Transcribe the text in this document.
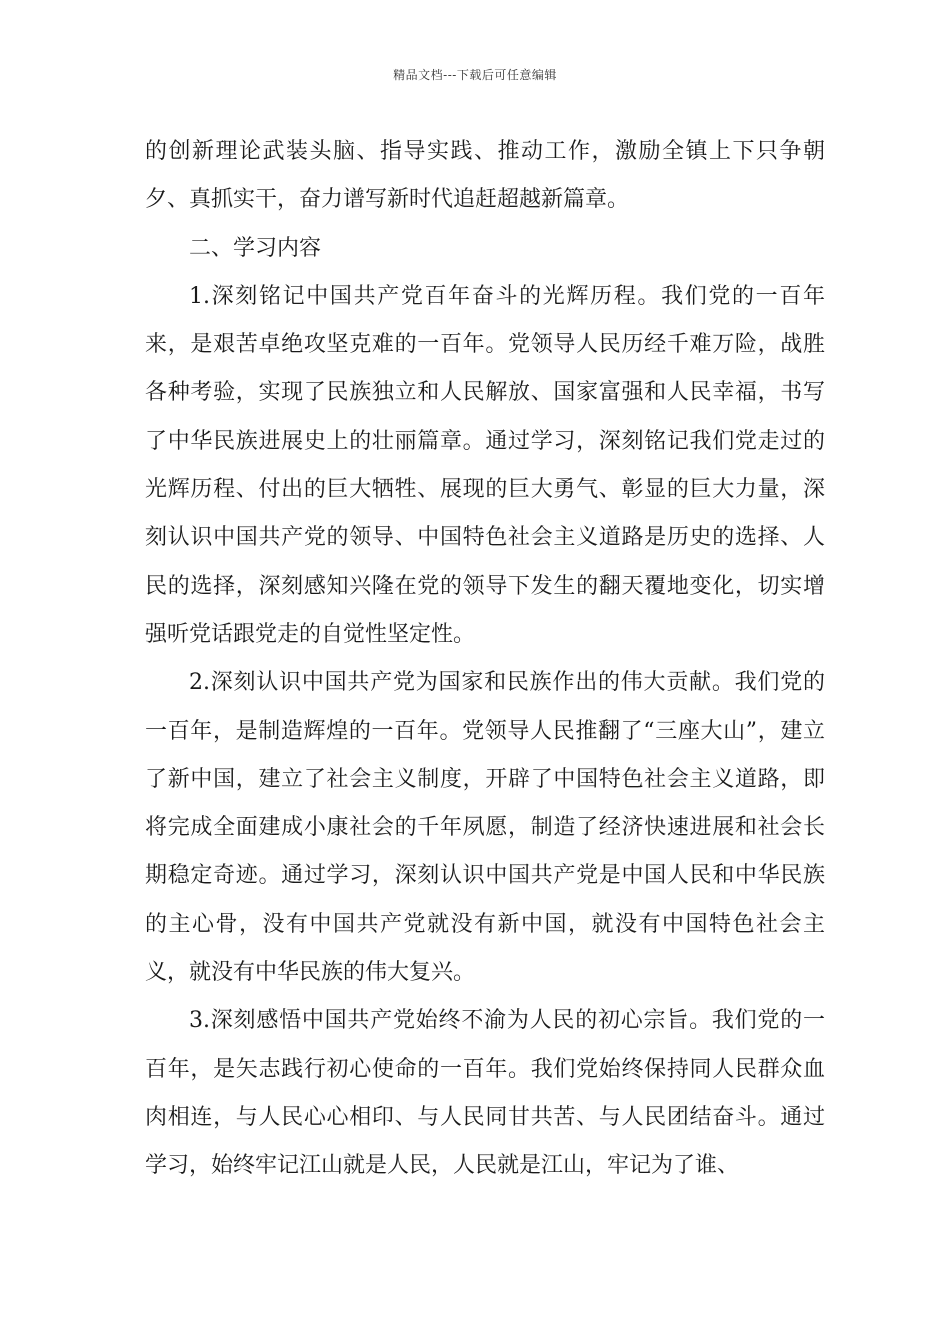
精品文档---下载后可任意编辑

的创新理论武装头脑、指导实践、推动工作，激励全镇上下只争朝夕、真抓实干，奋力谱写新时代追赶超越新篇章。

二、学习内容

1.深刻铭记中国共产党百年奋斗的光辉历程。我们党的一百年来，是艰苦卓绝攻坚克难的一百年。党领导人民历经千难万险，战胜各种考验，实现了民族独立和人民解放、国家富强和人民幸福，书写了中华民族进展史上的壮丽篇章。通过学习，深刻铭记我们党走过的光辉历程、付出的巨大牺牲、展现的巨大勇气、彰显的巨大力量，深刻认识中国共产党的领导、中国特色社会主义道路是历史的选择、人民的选择，深刻感知兴隆在党的领导下发生的翻天覆地变化，切实增强听党话跟党走的自觉性坚定性。

2.深刻认识中国共产党为国家和民族作出的伟大贡献。我们党的一百年，是制造辉煌的一百年。党领导人民推翻了“三座大山”，建立了新中国，建立了社会主义制度，开辟了中国特色社会主义道路，即将完成全面建成小康社会的千年夙愿，制造了经济快速进展和社会长期稳定奇迹。通过学习，深刻认识中国共产党是中国人民和中华民族的主心骨，没有中国共产党就没有新中国，就没有中国特色社会主义，就没有中华民族的伟大复兴。

3.深刻感悟中国共产党始终不渝为人民的初心宗旨。我们党的一百年，是矢志践行初心使命的一百年。我们党始终保持同人民群众血肉相连，与人民心心相印、与人民同甘共苦、与人民团结奋斗。通过学习，始终牢记江山就是人民，人民就是江山，牢记为了谁、
